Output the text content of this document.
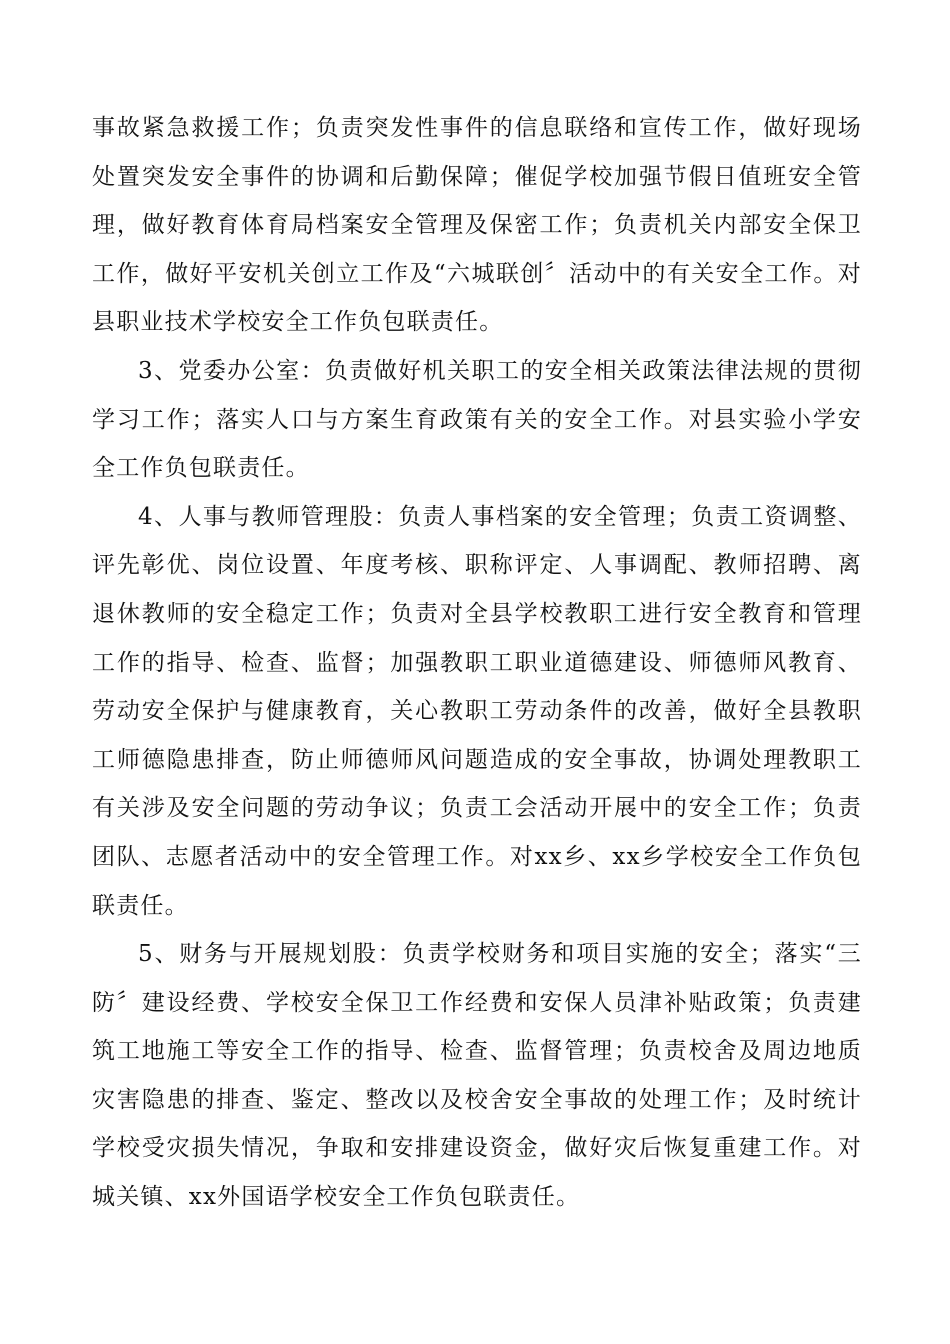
事故紧急救援工作；负责突发性事件的信息联络和宣传工作，做好现场处置突发安全事件的协调和后勤保障；催促学校加强节假日值班安全管理，做好教育体育局档案安全管理及保密工作；负责机关内部安全保卫工作，做好平安机关创立工作及“六城联创〞活动中的有关安全工作。对县职业技术学校安全工作负包联责任。

3、党委办公室：负责做好机关职工的安全相关政策法律法规的贯彻学习工作；落实人口与方案生育政策有关的安全工作。对县实验小学安全工作负包联责任。

4、人事与教师管理股：负责人事档案的安全管理；负责工资调整、评先彰优、岗位设置、年度考核、职称评定、人事调配、教师招聘、离退休教师的安全稳定工作；负责对全县学校教职工进行安全教育和管理工作的指导、检查、监督；加强教职工职业道德建设、师德师风教育、劳动安全保护与健康教育，关心教职工劳动条件的改善，做好全县教职工师德隐患排查，防止师德师风问题造成的安全事故，协调处理教职工有关涉及安全问题的劳动争议；负责工会活动开展中的安全工作；负责团队、志愿者活动中的安全管理工作。对xx乡、xx乡学校安全工作负包联责任。

5、财务与开展规划股：负责学校财务和项目实施的安全；落实“三防〞建设经费、学校安全保卫工作经费和安保人员津补贴政策；负责建筑工地施工等安全工作的指导、检查、监督管理；负责校舍及周边地质灾害隐患的排查、鉴定、整改以及校舍安全事故的处理工作；及时统计学校受灾损失情况，争取和安排建设资金，做好灾后恢复重建工作。对城关镇、xx外国语学校安全工作负包联责任。
